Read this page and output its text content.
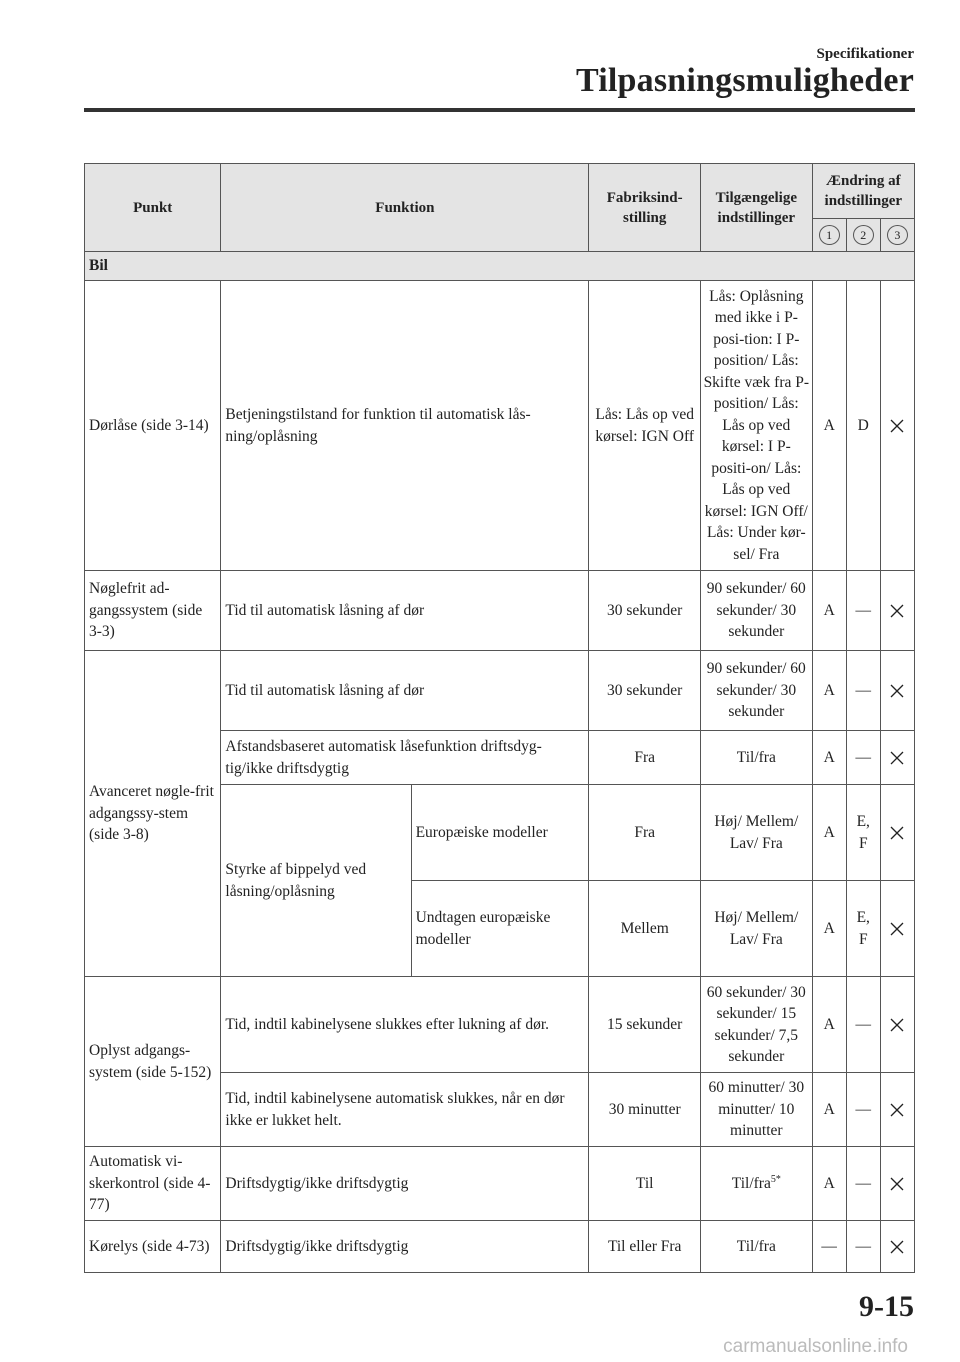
Specifikationer
Tilpasningsmuligheder
Punkt	Funktion		Fabriksind-stilling	Tilgængelige indstillinger	Ændring af indstillinger		
					1	2	3
Bil							
Dørlåse (side 3-14)	Betjeningstilstand for funktion til automatisk lås-ning/oplåsning		Lås: Lås op ved kørsel: IGN Off	Lås: Oplåsning med ikke i P-posi-tion: I P-position/ Lås: Skifte væk fra P-position/ Lås: Lås op ved kørsel: I P-positi-on/ Lås: Lås op ved kørsel: IGN Off/ Lås: Under kør-sel/ Fra	A	D	

Nøglefrit ad-gangssystem (side 3-3)	Tid til automatisk låsning af dør		30 sekunder	90 sekunder/ 60 sekunder/ 30 sekunder	A	—	

Avanceret nøgle-frit adgangssy-stem (side 3-8)	Tid til automatisk låsning af dør		30 sekunder	90 sekunder/ 60 sekunder/ 30 sekunder	A	—	

	Afstandsbaseret automatisk låsefunktion driftsdyg-tig/ikke driftsdygtig		Fra	Til/fra	A	—	

	Styrke af bippelyd ved låsning/oplåsning	Europæiske modeller	Fra	Høj/ Mellem/ Lav/ Fra	A	E, F	

		Undtagen europæiske modeller	Mellem	Høj/ Mellem/ Lav/ Fra	A	E, F	

Oplyst adgangs-system (side 5-152)	Tid, indtil kabinelysene slukkes efter lukning af dør.		15 sekunder	60 sekunder/ 30 sekunder/ 15 sekunder/ 7,5 sekunder	A	—	

	Tid, indtil kabinelysene automatisk slukkes, når en dør ikke er lukket helt.		30 minutter	60 minutter/ 30 minutter/ 10 minutter	A	—	

Automatisk vi-skerkontrol (side 4-77)	Driftsdygtig/ikke driftsdygtig		Til	Til/fra$^{5*}$	A	—	

Kørelys (side 4-73)	Driftsdygtig/ikke driftsdygtig		Til eller Fra	Til/fra	—	—	
9-15
carmanualsonline.info
